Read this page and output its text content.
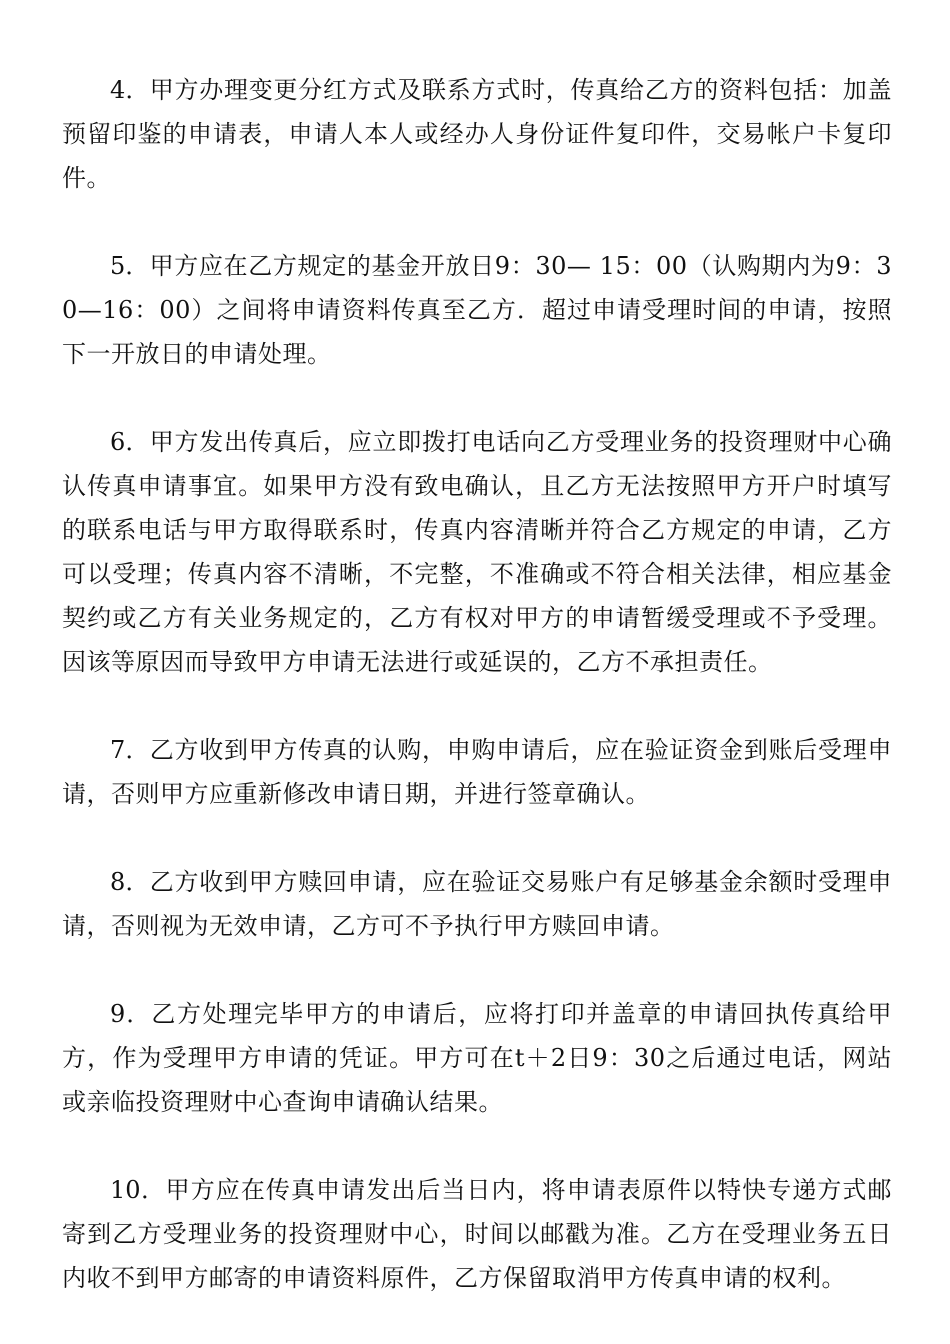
4．甲方办理变更分红方式及联系方式时，传真给乙方的资料包括：加盖预留印鉴的申请表，申请人本人或经办人身份证件复印件，交易帐户卡复印件。

5．甲方应在乙方规定的基金开放日9：30— 15：00（认购期内为9：30—16：00）之间将申请资料传真至乙方．超过申请受理时间的申请，按照下一开放日的申请处理。

6．甲方发出传真后，应立即拨打电话向乙方受理业务的投资理财中心确认传真申请事宜。如果甲方没有致电确认，且乙方无法按照甲方开户时填写的联系电话与甲方取得联系时，传真内容清晰并符合乙方规定的申请，乙方可以受理；传真内容不清晰，不完整，不准确或不符合相关法律，相应基金契约或乙方有关业务规定的，乙方有权对甲方的申请暂缓受理或不予受理。因该等原因而导致甲方申请无法进行或延误的，乙方不承担责任。

7．乙方收到甲方传真的认购，申购申请后，应在验证资金到账后受理申请，否则甲方应重新修改申请日期，并进行签章确认。

8．乙方收到甲方赎回申请，应在验证交易账户有足够基金余额时受理申请，否则视为无效申请，乙方可不予执行甲方赎回申请。

9．乙方处理完毕甲方的申请后，应将打印并盖章的申请回执传真给甲方，作为受理甲方申请的凭证。甲方可在t＋2日9：30之后通过电话，网站或亲临投资理财中心查询申请确认结果。

10．甲方应在传真申请发出后当日内，将申请表原件以特快专递方式邮寄到乙方受理业务的投资理财中心，时间以邮戳为准。乙方在受理业务五日内收不到甲方邮寄的申请资料原件，乙方保留取消甲方传真申请的权利。
